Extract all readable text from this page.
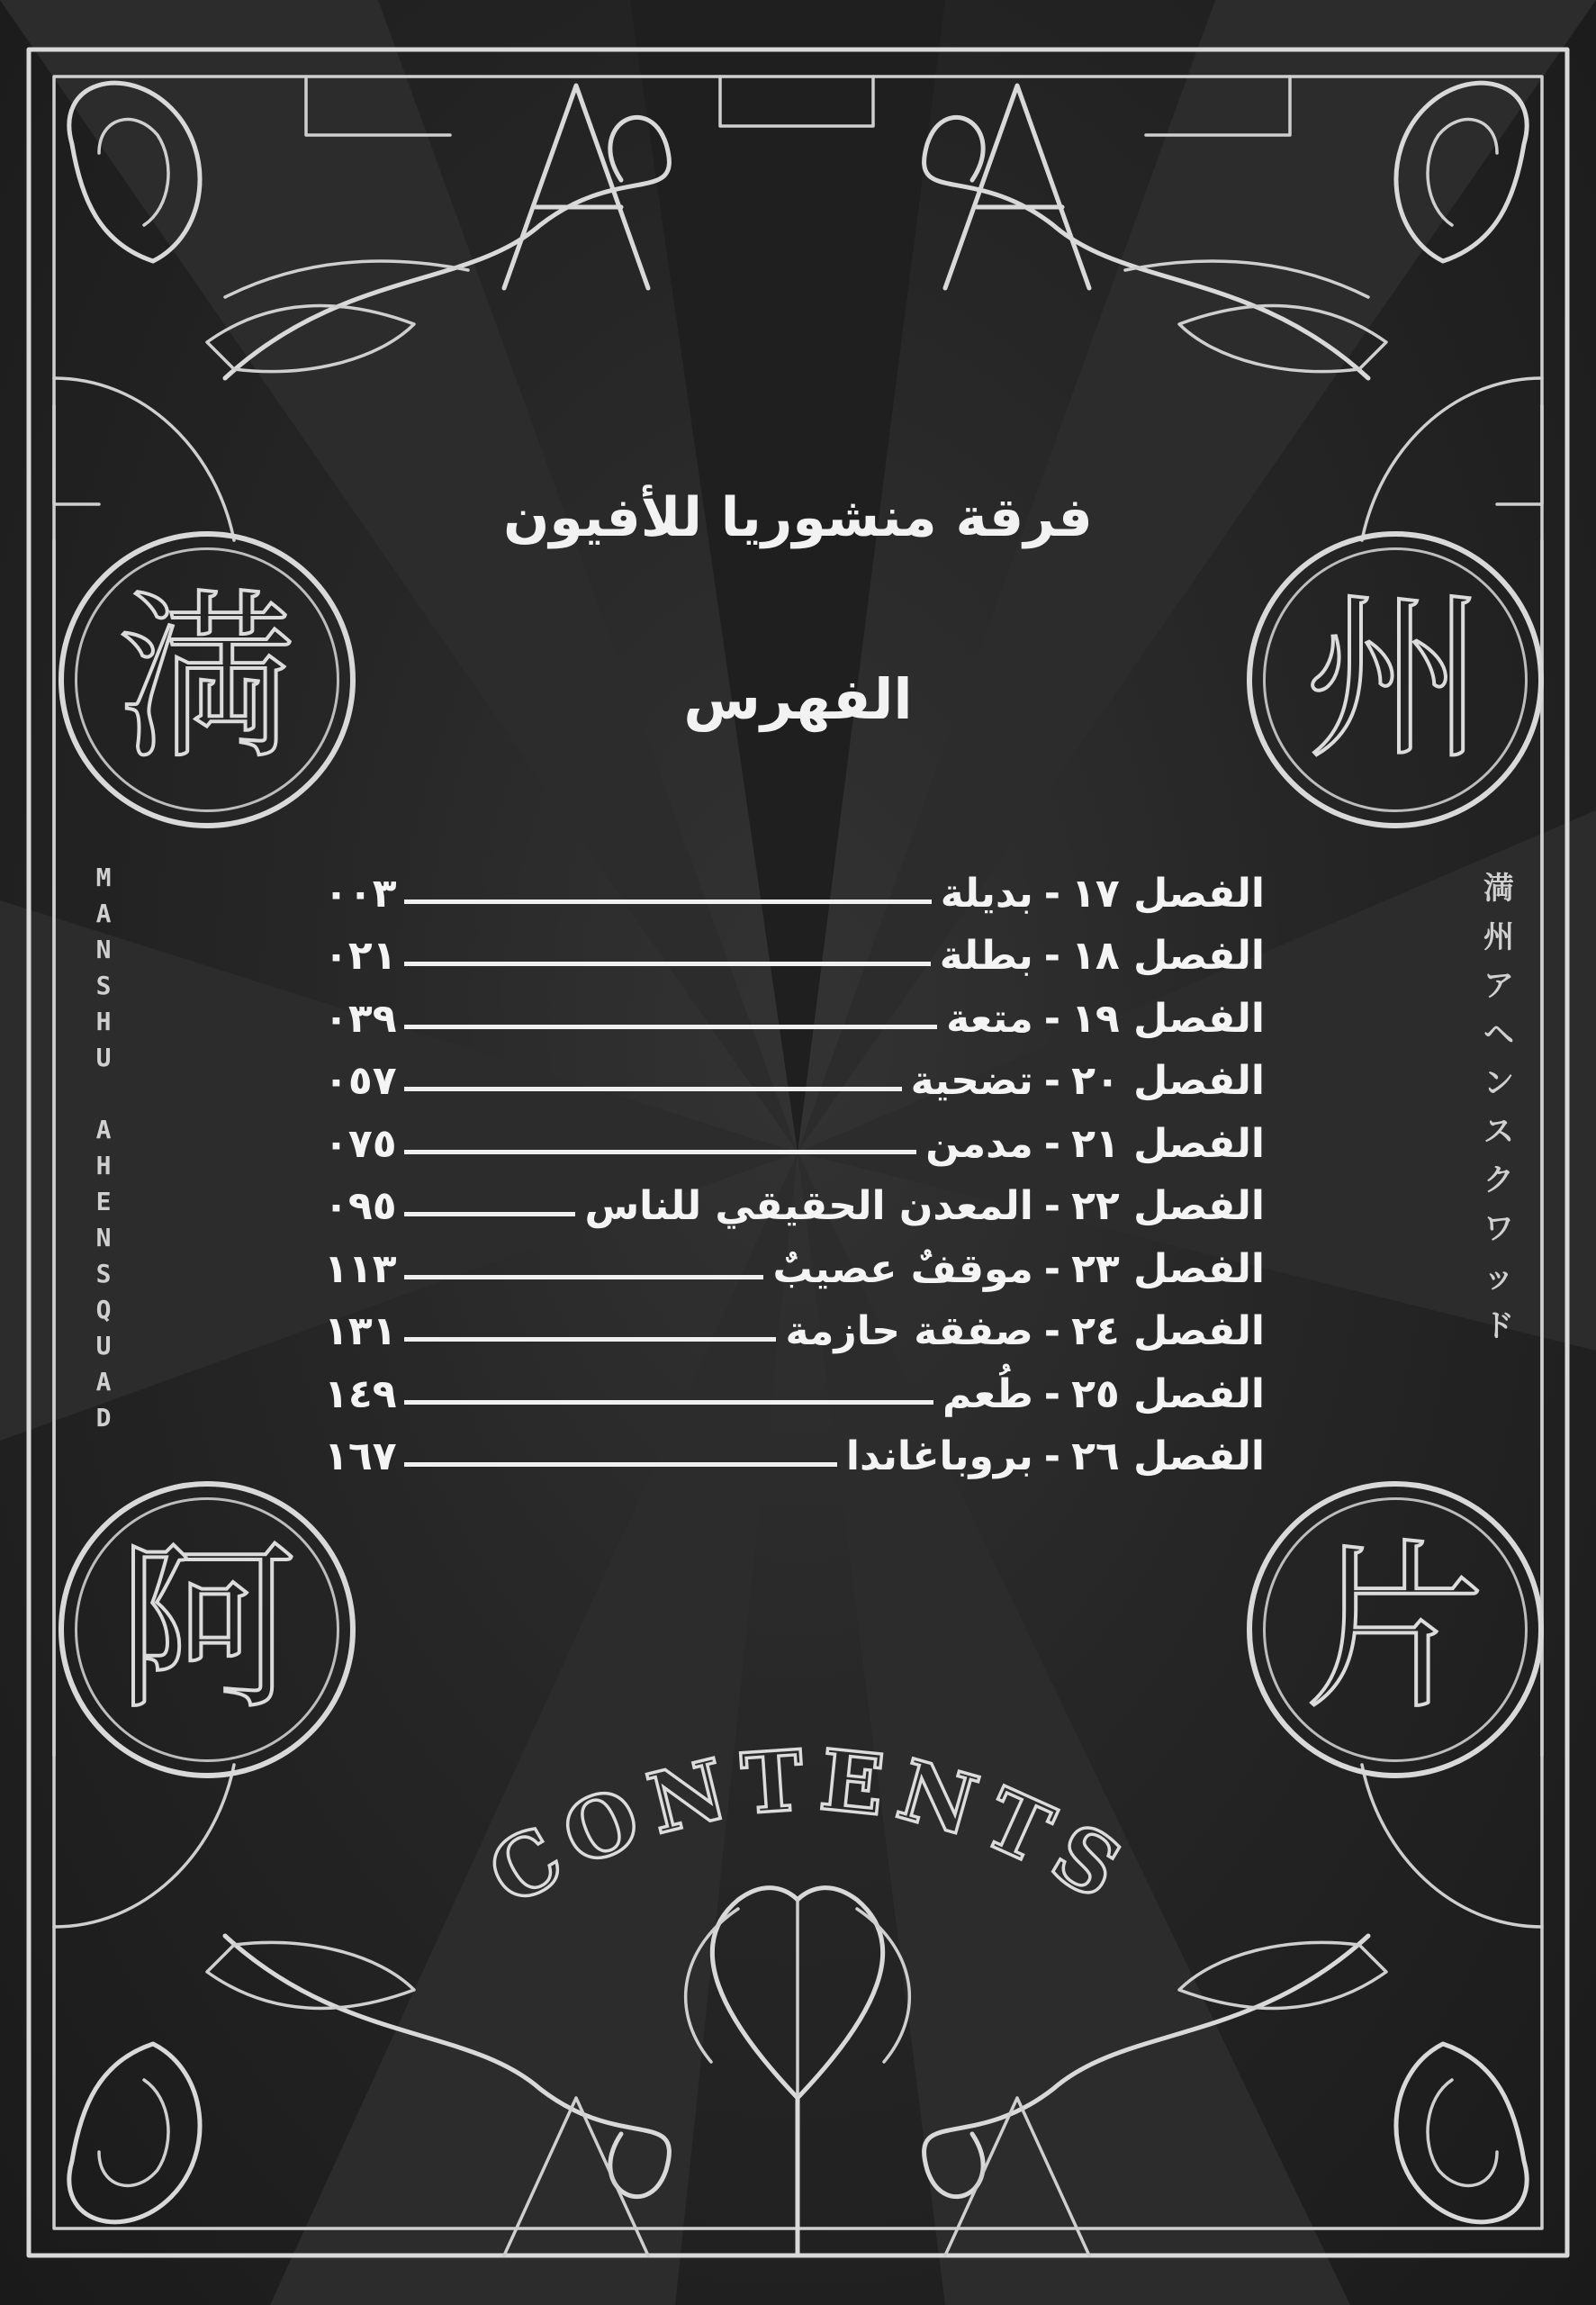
満	州
阿	片
M
A
N
S
H
U

A
H
E
N
S
Q
U
A
D
満
州
ア
ヘ
ン
ス
ク
ワ
ッ
ド
فرقة منشوريا للأفيون
الفهرس
الفصل ١٧
-
بديلة
٠٠٣
الفصل ١٨
-
بطلة
٠٢١
الفصل ١٩
-
متعة
٠٣٩
الفصل ٢٠
-
تضحية
٠٥٧
الفصل ٢١
-
مدمن
٠٧٥
الفصل ٢٢
-
المعدن الحقيقي للناس
٠٩٥
الفصل ٢٣
-
موقفٌ عصيبٌ
١١٣
الفصل ٢٤
-
صفقة حازمة
١٣١
الفصل ٢٥
-
طُعم
١٤٩
الفصل ٢٦
-
بروباغاندا
١٦٧
CONTENTS
